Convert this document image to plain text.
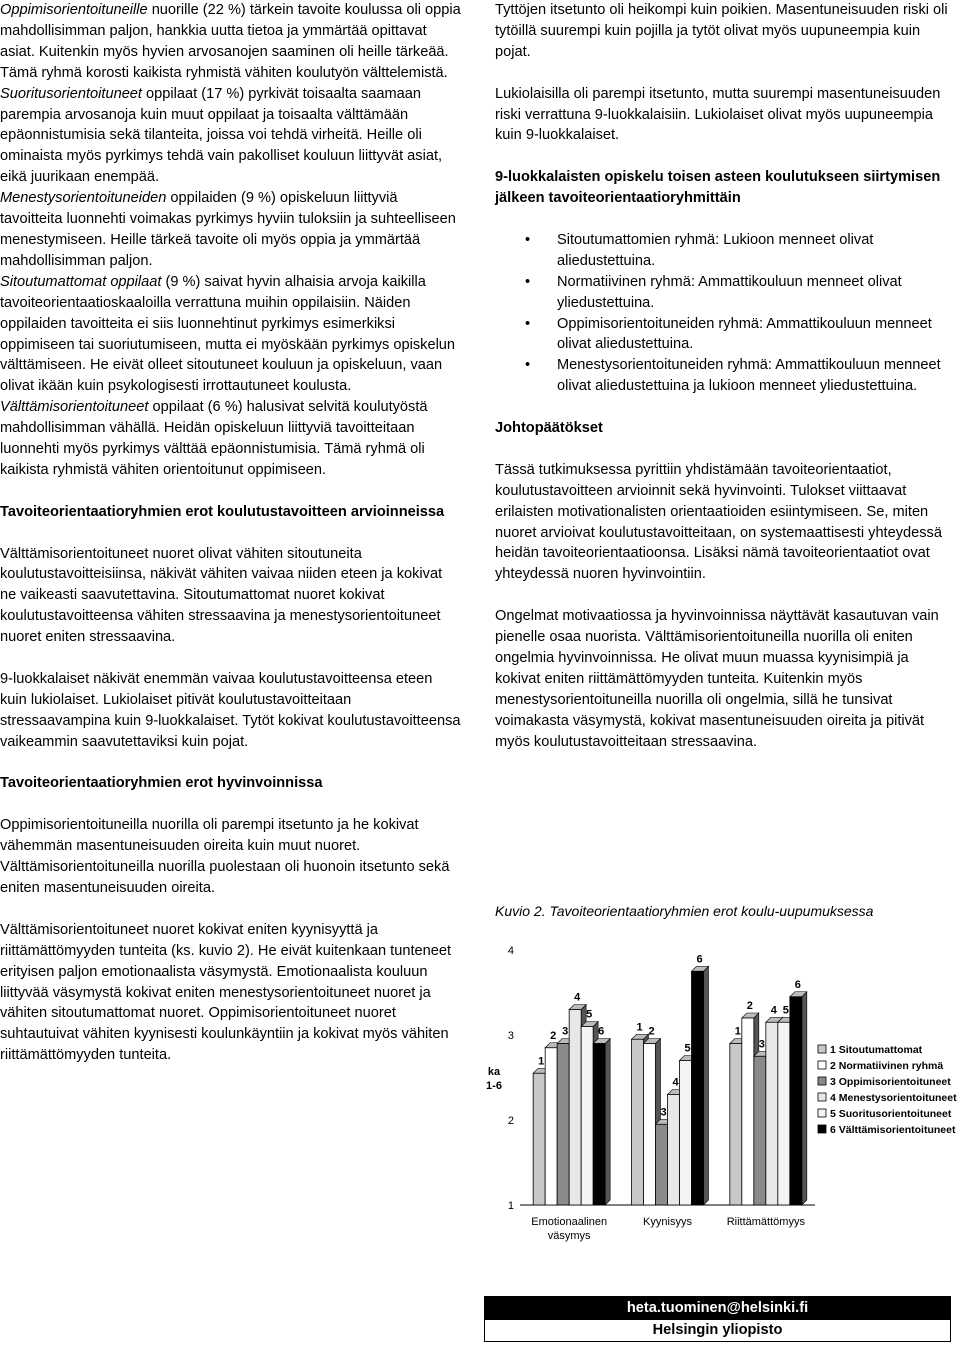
Oppimisorientoituneille nuorille (22 %) tärkein tavoite koulussa oli oppia mahdollisimman paljon, hankkia uutta tietoa ja ymmärtää opittavat asiat. Kuitenkin myös hyvien arvosanojen saaminen oli heille tärkeää. Tämä ryhmä korosti kaikista ryhmistä vähiten koulutyön välttelemistä.

Suoritusorientoituneet oppilaat (17 %) pyrkivät toisaalta saamaan parempia arvosanoja kuin muut oppilaat ja toisaalta välttämään epäonnistumisia sekä tilanteita, joissa voi tehdä virheitä. Heille oli ominaista myös pyrkimys tehdä vain pakolliset kouluun liittyvät asiat, eikä juurikaan enempää.

Menestysorientoituneiden oppilaiden (9 %) opiskeluun liittyviä tavoitteita luonnehti voimakas pyrkimys hyviin tuloksiin ja suhteelliseen menestymiseen. Heille tärkeä tavoite oli myös oppia ja ymmärtää mahdollisimman paljon.

Sitoutumattomat oppilaat (9 %) saivat hyvin alhaisia arvoja kaikilla tavoiteorientaatioskaaloilla verrattuna muihin oppilaisiin. Näiden oppilaiden tavoitteita ei siis luonnehtinut pyrkimys esimerkiksi oppimiseen tai suoriutumiseen, mutta ei myöskään pyrkimys opiskelun välttämiseen. He eivät olleet sitoutuneet kouluun ja opiskeluun, vaan olivat ikään kuin psykologisesti irrottautuneet koulusta.

Välttämisorientoituneet oppilaat (6 %) halusivat selvitä koulutyöstä mahdollisimman vähällä. Heidän opiskeluun liittyviä tavoitteitaan luonnehti myös pyrkimys välttää epäonnistumisia. Tämä ryhmä oli kaikista ryhmistä vähiten orientoitunut oppimiseen.

Tavoiteorientaatioryhmien erot koulutustavoitteen arvioinneissa

Välttämisorientoituneet nuoret olivat vähiten sitoutuneita koulutustavoitteisiinsa, näkivät vähiten vaivaa niiden eteen ja kokivat ne vaikeasti saavutettavina. Sitoutumattomat nuoret kokivat koulutustavoitteensa vähiten stressaavina ja menestysorientoituneet nuoret eniten stressaavina.

9-luokkalaiset näkivät enemmän vaivaa koulutustavoitteensa eteen kuin lukiolaiset. Lukiolaiset pitivät koulutustavoitteitaan stressaavampina kuin 9-luokkalaiset. Tytöt kokivat koulutustavoitteensa vaikeammin saavutettaviksi kuin pojat.

Tavoiteorientaatioryhmien erot hyvinvoinnissa

Oppimisorientoituneilla nuorilla oli parempi itsetunto ja he kokivat vähemmän masentuneisuuden oireita kuin muut nuoret. Välttämisorientoituneilla nuorilla puolestaan oli huonoin itsetunto sekä eniten masentuneisuuden oireita.

Välttämisorientoituneet nuoret kokivat eniten kyynisyyttä ja riittämättömyyden tunteita (ks. kuvio 2). He eivät kuitenkaan tunteneet erityisen paljon emotionaalista väsymystä. Emotionaalista kouluun liittyvää väsymystä kokivat eniten menestysorientoituneet nuoret ja vähiten sitoutumattomat nuoret. Oppimisorientoituneet nuoret suhtautuivat vähiten kyynisesti koulunkäyntiin ja kokivat myös vähiten riittämättömyyden tunteita.

Tyttöjen itsetunto oli heikompi kuin poikien. Masentuneisuuden riski oli tytöillä suurempi kuin pojilla ja tytöt olivat myös uupuneempia kuin pojat.

Lukiolaisilla oli parempi itsetunto, mutta suurempi masentuneisuuden riski verrattuna 9-luokkalaisiin. Lukiolaiset olivat myös uupuneempia kuin 9-luokkalaiset.

9-luokkalaisten opiskelu toisen asteen koulutukseen siirtymisen jälkeen tavoiteorientaatioryhmittäin
• Sitoutumattomien ryhmä: Lukioon menneet olivat aliedustettuina.
• Normatiivinen ryhmä: Ammattikouluun menneet olivat yliedustettuina.
• Oppimisorientoituneiden ryhmä: Ammattikouluun menneet olivat aliedustettuina.
• Menestysorientoituneiden ryhmä: Ammattikouluun menneet olivat aliedustettuina ja lukioon menneet yliedustettuina.
Johtopäätökset

Tässä tutkimuksessa pyrittiin yhdistämään tavoiteorientaatiot, koulutustavoitteen arvioinnit sekä hyvinvointi. Tulokset viittaavat erilaisten motivationalisten orientaatioiden esiintymiseen. Se, miten nuoret arvioivat koulutustavoitteitaan, on systemaattisesti yhteydessä heidän tavoiteorientaatioonsa. Lisäksi nämä tavoiteorientaatiot ovat yhteydessä nuoren hyvinvointiin.

Ongelmat motivaatiossa ja hyvinvoinnissa näyttävät kasautuvan vain pienelle osaa nuorista. Välttämisorientoituneilla nuorilla oli eniten ongelmia hyvinvoinnissa. He olivat muun muassa kyynisimpiä ja kokivat eniten riittämättömyyden tunteita. Kuitenkin myös menestysorientoituneilla nuorilla oli ongelmia, sillä he tunsivat voimakasta väsymystä, kokivat masentuneisuuden oireita ja pitivät myös koulutustavoitteitaan stressaavina.

Kuvio 2. Tavoiteorientaatioryhmien erot koulu-uupumuksessa
1
2
3
4
ka
1-6
1
2 3
4
5
6
Emotionaalinen
väsymys
1 2
3
4
5
6
Kyynisyys
1
2
3
4 5
6
Riittämättömyys
1 Sitoutumattomat
2 Normatiivinen ryhmä
3 Oppimisorientoituneet
4 Menestysorientoituneet
5 Suoritusorientoituneet
6 Välttämisorientoituneet
heta.tuominen@helsinki.fi
Helsingin yliopisto
